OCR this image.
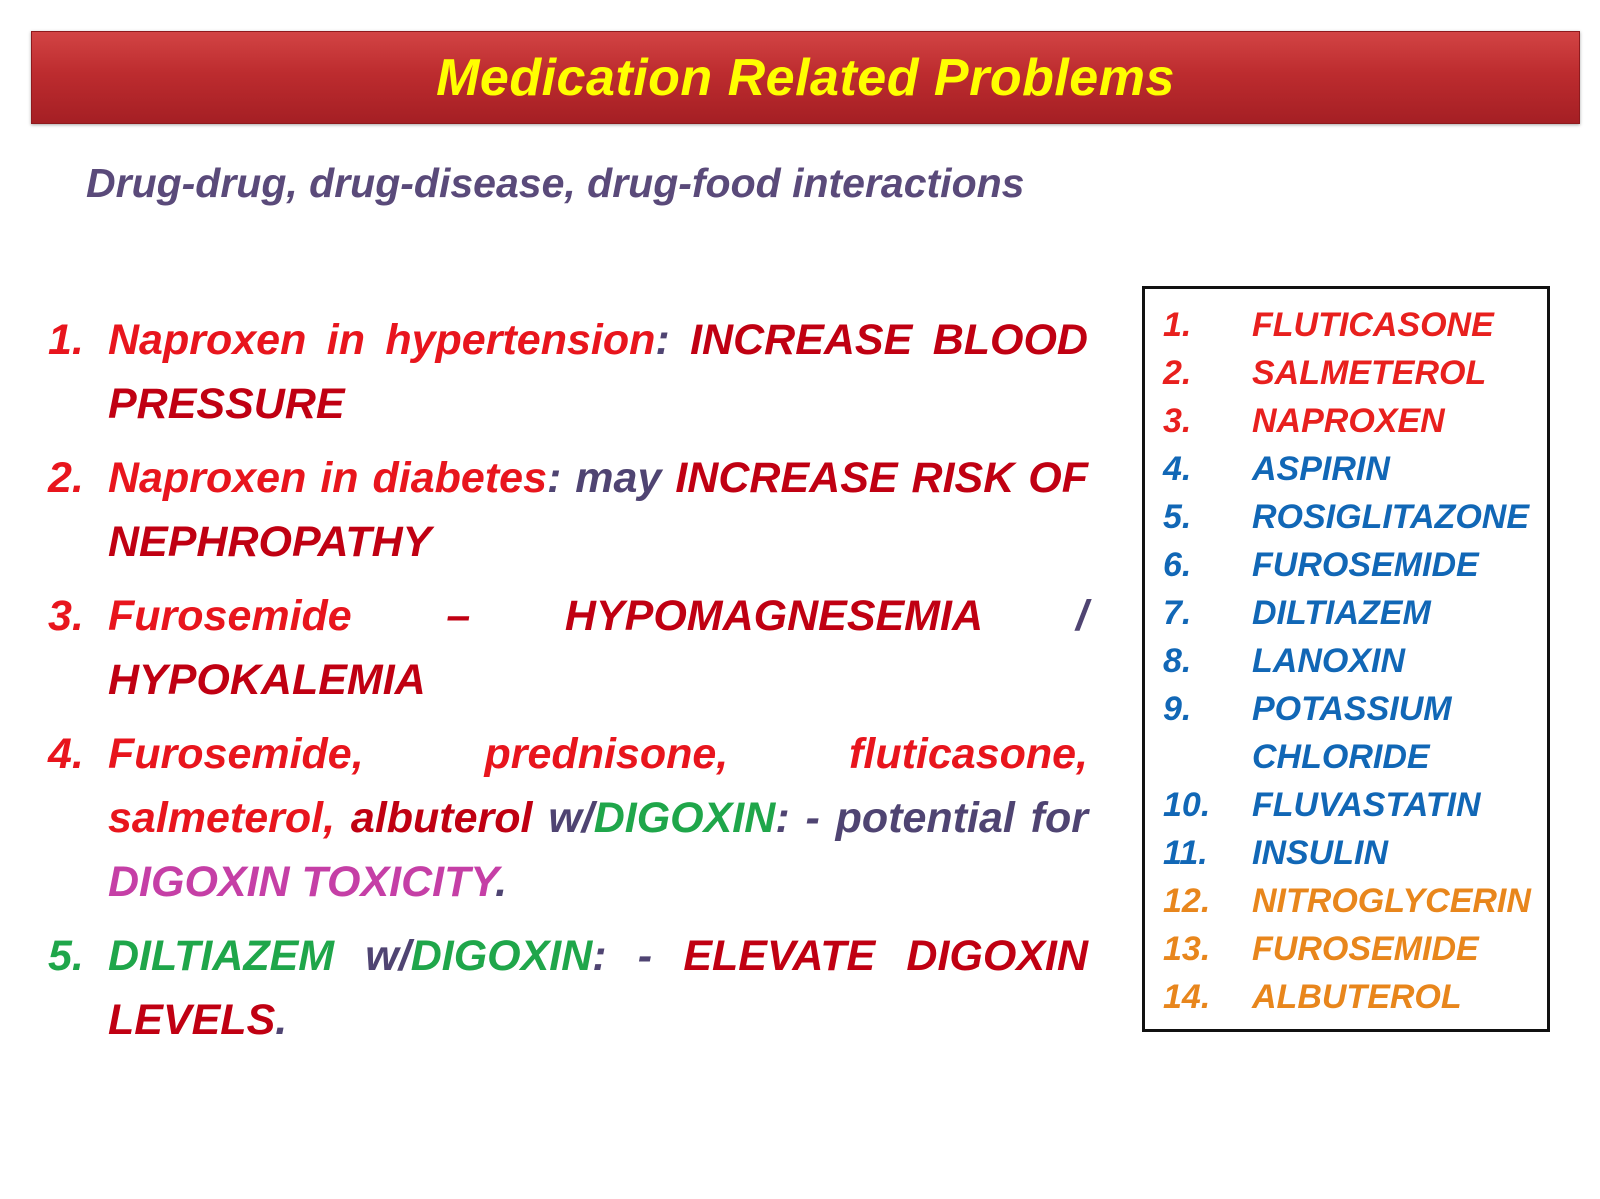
Medication Related Problems
Drug-drug, drug-disease, drug-food interactions
1. Naproxen in hypertension: INCREASE BLOOD PRESSURE
2. Naproxen in diabetes: may INCREASE RISK OF NEPHROPATHY
3. Furosemide – HYPOMAGNESEMIA / HYPOKALEMIA
4. Furosemide, prednisone, fluticasone, salmeterol, albuterol w/DIGOXIN: - potential for DIGOXIN TOXICITY.
5. DILTIAZEM w/DIGOXIN: - ELEVATE DIGOXIN LEVELS.
1.	FLUTICASONE
2.	SALMETEROL
3.	NAPROXEN
4.	ASPIRIN
5.	ROSIGLITAZONE
6.	FUROSEMIDE
7.	DILTIAZEM
8.	LANOXIN
9.	POTASSIUM CHLORIDE
10.	FLUVASTATIN
11.	INSULIN
12.	NITROGLYCERIN
13.	FUROSEMIDE
14.	ALBUTEROL
